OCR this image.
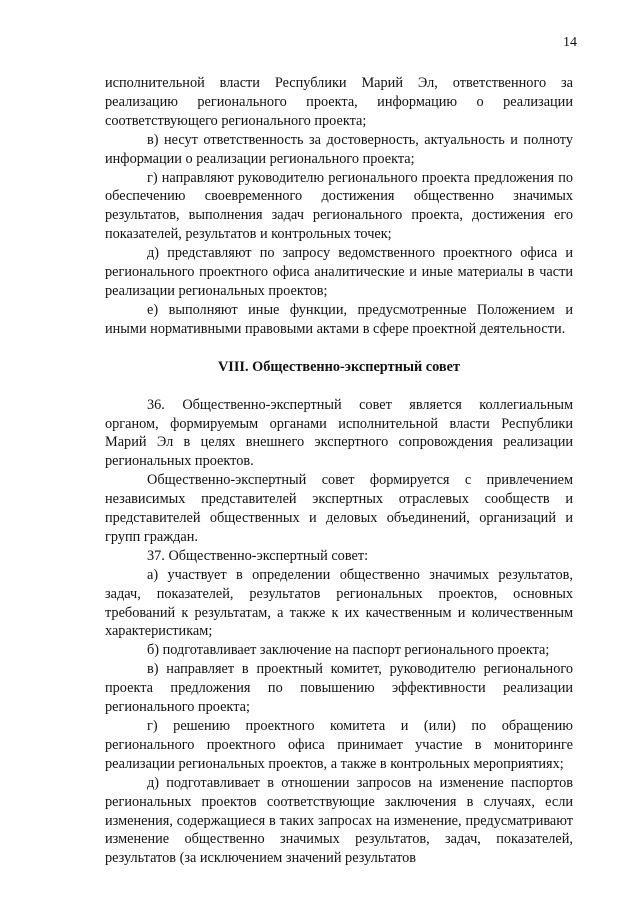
14

исполнительной власти Республики Марий Эл, ответственного за реализацию регионального проекта, информацию о реализации соответствующего регионального проекта;

в) несут ответственность за достоверность, актуальность и полноту информации о реализации регионального проекта;

г) направляют руководителю регионального проекта предложения по обеспечению своевременного достижения общественно значимых результатов, выполнения задач регионального проекта, достижения его показателей, результатов и контрольных точек;

д) представляют по запросу ведомственного проектного офиса и регионального проектного офиса аналитические и иные материалы в части реализации региональных проектов;

е) выполняют иные функции, предусмотренные Положением и иными нормативными правовыми актами в сфере проектной деятельности.

VIII. Общественно-экспертный совет

36. Общественно-экспертный совет является коллегиальным органом, формируемым органами исполнительной власти Республики Марий Эл в целях внешнего экспертного сопровождения реализации региональных проектов.

Общественно-экспертный совет формируется с привлечением независимых представителей экспертных отраслевых сообществ и представителей общественных и деловых объединений, организаций и групп граждан.

37. Общественно-экспертный совет:

а) участвует в определении общественно значимых результатов, задач, показателей, результатов региональных проектов, основных требований к результатам, а также к их качественным и количественным характеристикам;

б) подготавливает заключение на паспорт регионального проекта;

в) направляет в проектный комитет, руководителю регионального проекта предложения по повышению эффективности реализации регионального проекта;

г) решению проектного комитета и (или) по обращению регионального проектного офиса принимает участие в мониторинге реализации региональных проектов, а также в контрольных мероприятиях;

д) подготавливает в отношении запросов на изменение паспортов региональных проектов соответствующие заключения в случаях, если изменения, содержащиеся в таких запросах на изменение, предусматривают изменение общественно значимых результатов, задач, показателей, результатов (за исключением значений результатов
